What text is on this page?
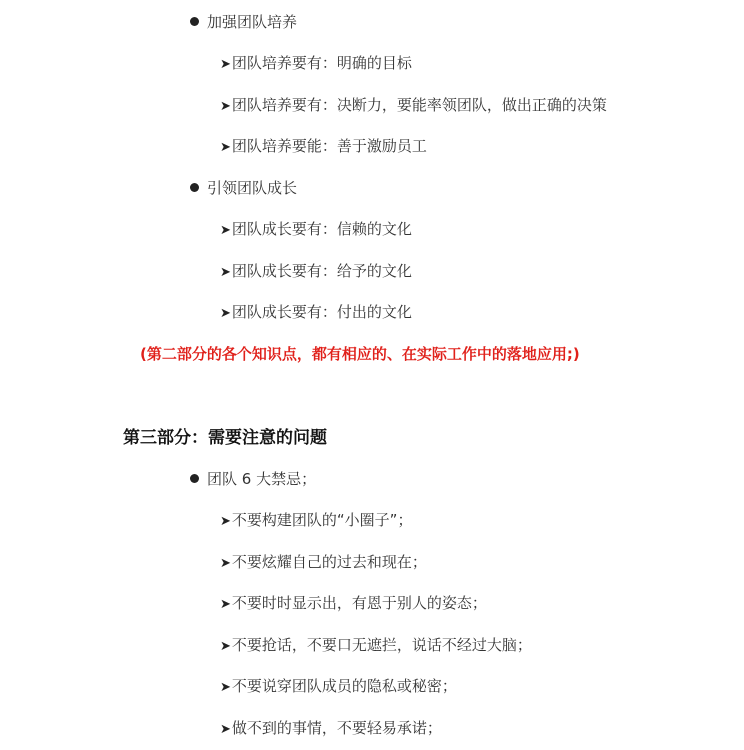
加强团队培养
➤团队培养要有：明确的目标
➤团队培养要有：决断力，要能率领团队，做出正确的决策
➤团队培养要能：善于激励员工
引领团队成长
➤团队成长要有：信赖的文化
➤团队成长要有：给予的文化
➤团队成长要有：付出的文化
(第二部分的各个知识点，都有相应的、在实际工作中的落地应用;)
第三部分：需要注意的问题
团队 6 大禁忌；
➤不要构建团队的“小圈子”；
➤不要炫耀自己的过去和现在；
➤不要时时显示出，有恩于别人的姿态；
➤不要抢话，不要口无遮拦，说话不经过大脑；
➤不要说穿团队成员的隐私或秘密；
➤做不到的事情，不要轻易承诺；
